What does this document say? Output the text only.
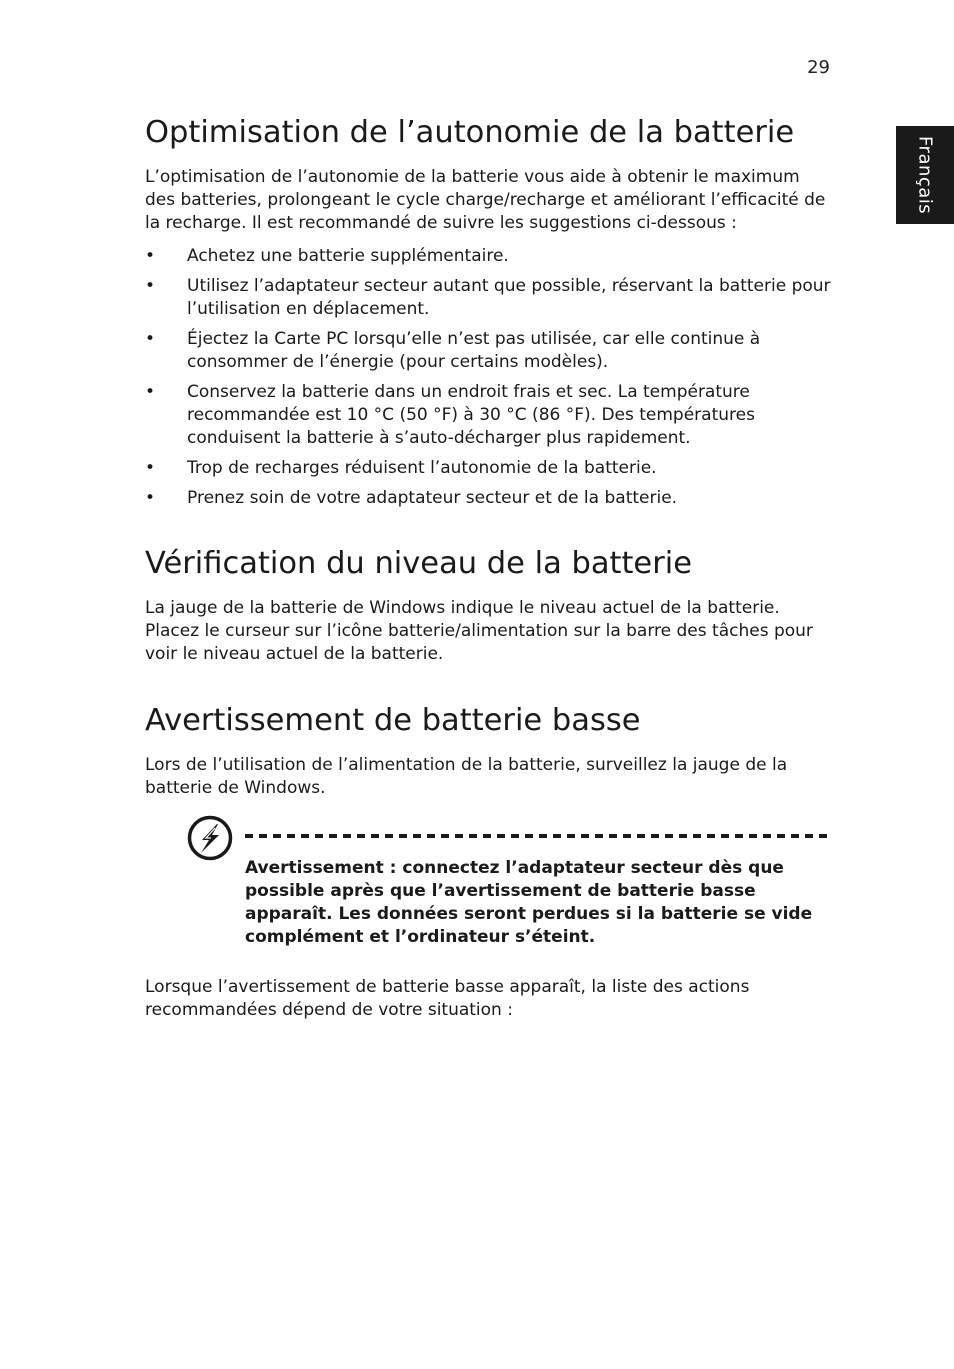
29
Français
Optimisation de l’autonomie de la batterie

L’optimisation de l’autonomie de la batterie vous aide à obtenir le maximum des batteries, prolongeant le cycle charge/recharge et améliorant l’efficacité de la recharge. Il est recommandé de suivre les suggestions ci-dessous :

• Achetez une batterie supplémentaire.
• Utilisez l’adaptateur secteur autant que possible, réservant la batterie pour l’utilisation en déplacement.
• Éjectez la Carte PC lorsqu’elle n’est pas utilisée, car elle continue à consommer de l’énergie (pour certains modèles).
• Conservez la batterie dans un endroit frais et sec. La température recommandée est 10 °C (50 °F) à 30 °C (86 °F). Des températures conduisent la batterie à s’auto-décharger plus rapidement.
• Trop de recharges réduisent l’autonomie de la batterie.
• Prenez soin de votre adaptateur secteur et de la batterie.
Vérification du niveau de la batterie

La jauge de la batterie de Windows indique le niveau actuel de la batterie. Placez le curseur sur l’icône batterie/alimentation sur la barre des tâches pour voir le niveau actuel de la batterie.

Avertissement de batterie basse

Lors de l’utilisation de l’alimentation de la batterie, surveillez la jauge de la batterie de Windows.

Lorsque l’avertissement de batterie basse apparaît, la liste des actions recommandées dépend de votre situation :

Avertissement : connectez l’adaptateur secteur dès que possible après que l’avertissement de batterie basse apparaît. Les données seront perdues si la batterie se vide complément et l’ordinateur s’éteint.
